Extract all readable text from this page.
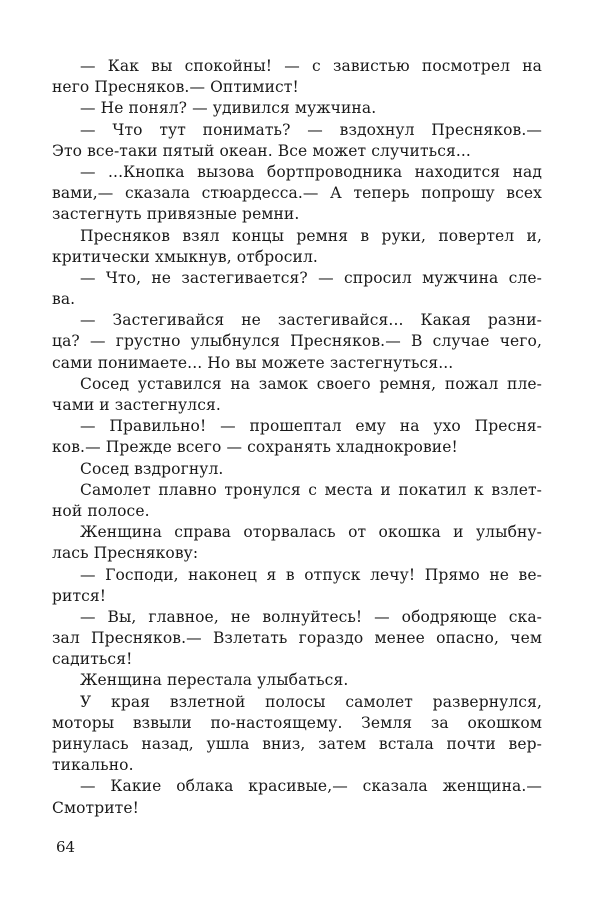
— Как вы спокойны! — с завистью посмотрел на
него Пресняков.— Оптимист!
— Не понял? — удивился мужчина.
— Что тут понимать? — вздохнул Пресняков.—
Это все-таки пятый океан. Все может случиться...
— ...Кнопка вызова бортпроводника находится над
вами,— сказала стюардесса.— А теперь попрошу всех
застегнуть привязные ремни.
Пресняков взял концы ремня в руки, повертел и,
критически хмыкнув, отбросил.
— Что, не застегивается? — спросил мужчина сле-
ва.
— Застегивайся не застегивайся... Какая разни-
ца? — грустно улыбнулся Пресняков.— В случае чего,
сами понимаете... Но вы можете застегнуться...
Сосед уставился на замок своего ремня, пожал пле-
чами и застегнулся.
— Правильно! — прошептал ему на ухо Пресня-
ков.— Прежде всего — сохранять хладнокровие!
Сосед вздрогнул.
Самолет плавно тронулся с места и покатил к взлет-
ной полосе.
Женщина справа оторвалась от окошка и улыбну-
лась Преснякову:
— Господи, наконец я в отпуск лечу! Прямо не ве-
рится!
— Вы, главное, не волнуйтесь! — ободряюще ска-
зал Пресняков.— Взлетать гораздо менее опасно, чем
садиться!
Женщина перестала улыбаться.
У края взлетной полосы самолет развернулся,
моторы взвыли по-настоящему. Земля за окошком
ринулась назад, ушла вниз, затем встала почти вер-
тикально.
— Какие облака красивые,— сказала женщина.—
Смотрите!
64
